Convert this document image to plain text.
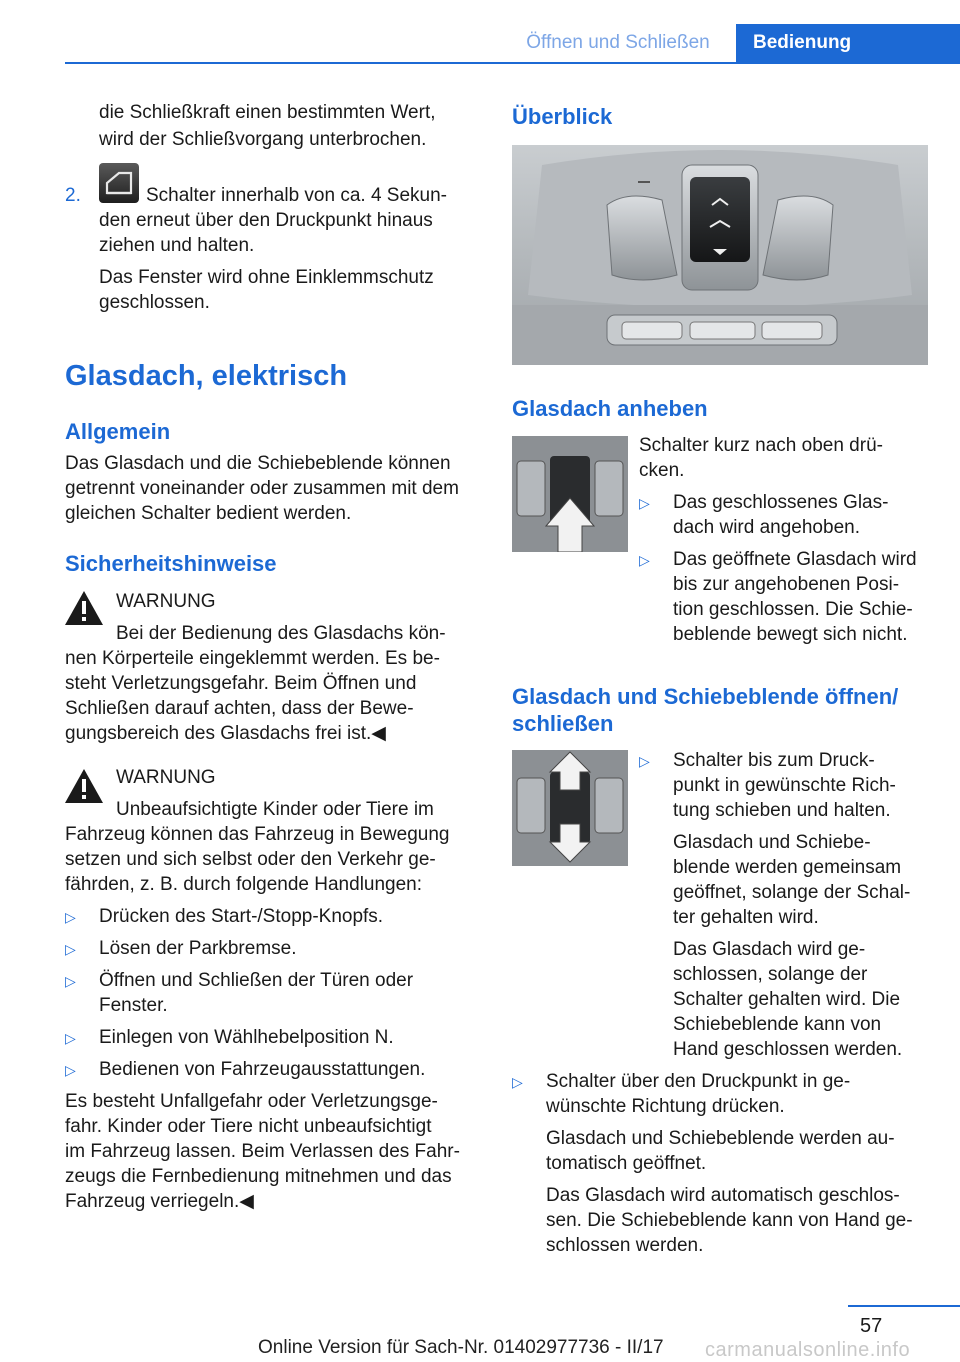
Öffnen und Schließen	Bedienung
die Schließkraft einen bestimmten Wert,
wird der Schließvorgang unterbrochen.
2.	Schalter innerhalb von ca. 4 Sekun-
den erneut über den Druckpunkt hinaus
ziehen und halten.
Das Fenster wird ohne Einklemmschutz
geschlossen.
Glasdach, elektrisch
Allgemein
Das Glasdach und die Schiebeblende können
getrennt voneinander oder zusammen mit dem
gleichen Schalter bedient werden.
Sicherheitshinweise
WARNUNG
Bei der Bedienung des Glasdachs kön-
nen Körperteile eingeklemmt werden. Es be-
steht Verletzungsgefahr. Beim Öffnen und
Schließen darauf achten, dass der Bewe-
gungsbereich des Glasdachs frei ist.◀
WARNUNG
Unbeaufsichtigte Kinder oder Tiere im
Fahrzeug können das Fahrzeug in Bewegung
setzen und sich selbst oder den Verkehr ge-
fährden, z. B. durch folgende Handlungen:
▷ Drücken des Start-/Stopp-Knopfs.
▷ Lösen der Parkbremse.
▷ Öffnen und Schließen der Türen oder
Fenster.
▷ Einlegen von Wählhebelposition N.
▷ Bedienen von Fahrzeugausstattungen.
Es besteht Unfallgefahr oder Verletzungsge-
fahr. Kinder oder Tiere nicht unbeaufsichtigt
im Fahrzeug lassen. Beim Verlassen des Fahr-
zeugs die Fernbedienung mitnehmen und das
Fahrzeug verriegeln.◀
Überblick
Glasdach anheben
Schalter kurz nach oben drü-
cken.
▷ Das geschlossenes Glas-
dach wird angehoben.
▷ Das geöffnete Glasdach wird
bis zur angehobenen Posi-
tion geschlossen. Die Schie-
beblende bewegt sich nicht.
Glasdach und Schiebeblende öffnen/
schließen
▷ Schalter bis zum Druck-
punkt in gewünschte Rich-
tung schieben und halten.
Glasdach und Schiebe-
blende werden gemeinsam
geöffnet, solange der Schal-
ter gehalten wird.
Das Glasdach wird ge-
schlossen, solange der
Schalter gehalten wird. Die
Schiebeblende kann von
Hand geschlossen werden.
▷ Schalter über den Druckpunkt in ge-
wünschte Richtung drücken.
Glasdach und Schiebeblende werden au-
tomatisch geöffnet.
Das Glasdach wird automatisch geschlos-
sen. Die Schiebeblende kann von Hand ge-
schlossen werden.
57
Online Version für Sach-Nr. 01402977736 - II/17 carmanualsonline.info
